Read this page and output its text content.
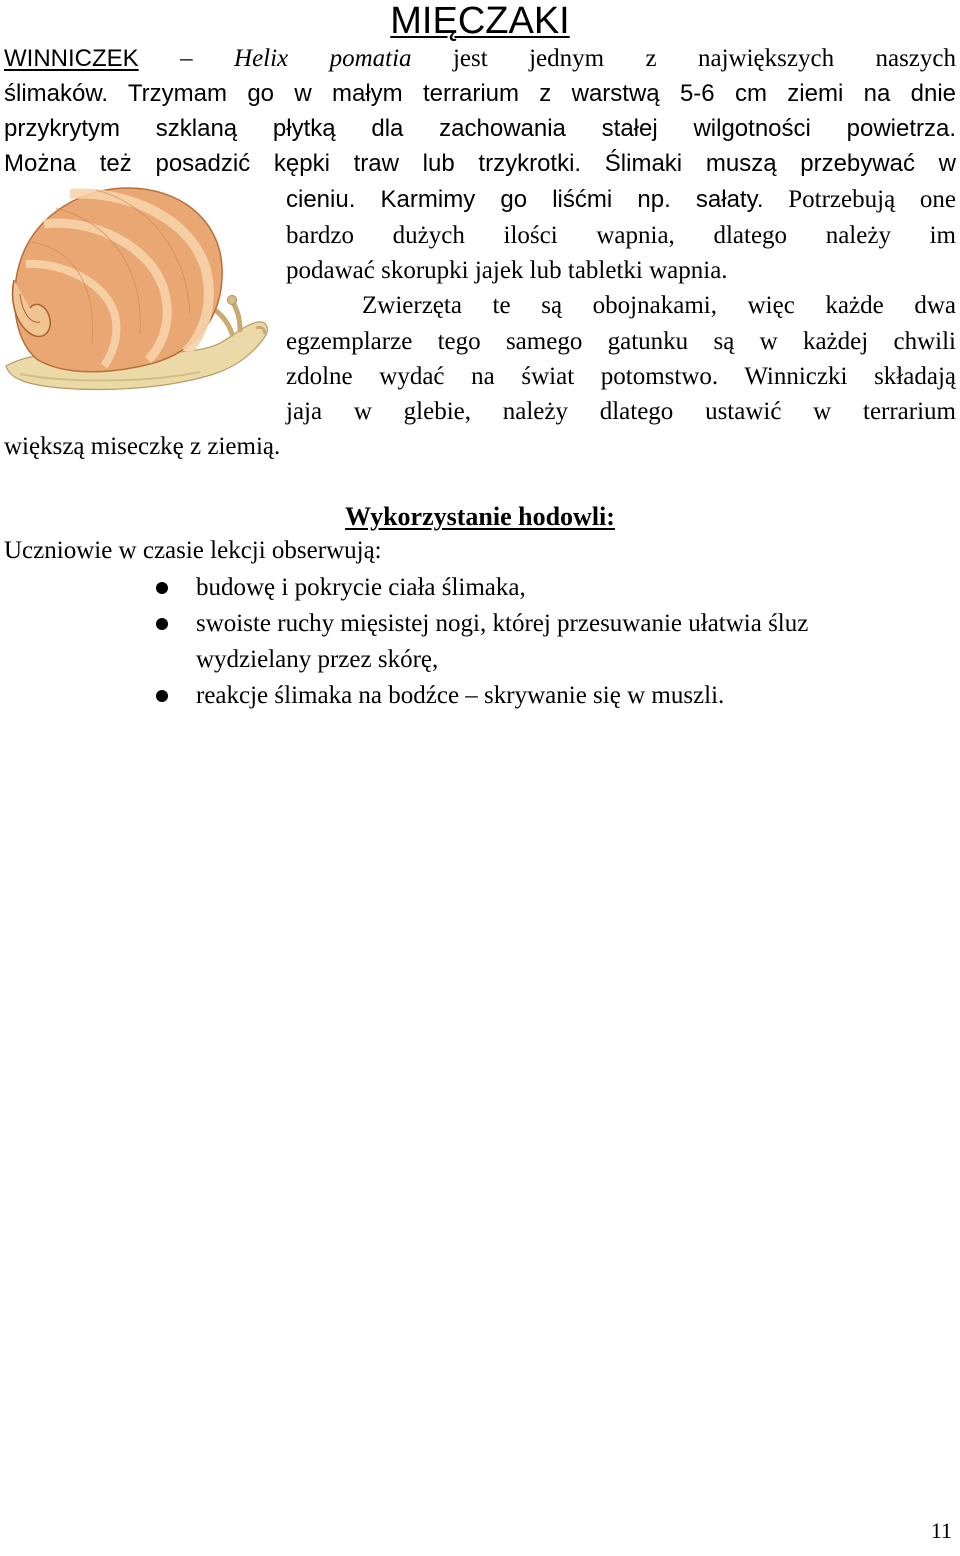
MIĘCZAKI
WINNICZEK – Helix pomatia jest jednym z największych naszych
ślimaków. Trzymam go w małym terrarium z warstwą 5-6 cm ziemi na dnie
przykrytym szklaną płytką dla zachowania stałej wilgotności powietrza.
Można też posadzić kępki traw lub trzykrotki. Ślimaki muszą przebywać w
cieniu. Karmimy go liśćmi np. sałaty. Potrzebują one
bardzo dużych ilości wapnia, dlatego należy im
podawać skorupki jajek lub tabletki wapnia.
Zwierzęta te są obojnakami, więc każde dwa
egzemplarze tego samego gatunku są w każdej chwili
zdolne wydać na świat potomstwo. Winniczki składają
jaja w glebie, należy dlatego ustawić w terrarium
większą miseczkę z ziemią.
Wykorzystanie hodowli:
Uczniowie w czasie lekcji obserwują:
budowę i pokrycie ciała ślimaka,
swoiste ruchy mięsistej nogi, której przesuwanie ułatwia śluz
wydzielany przez skórę,
reakcje ślimaka na bodźce – skrywanie się w muszli.
11
